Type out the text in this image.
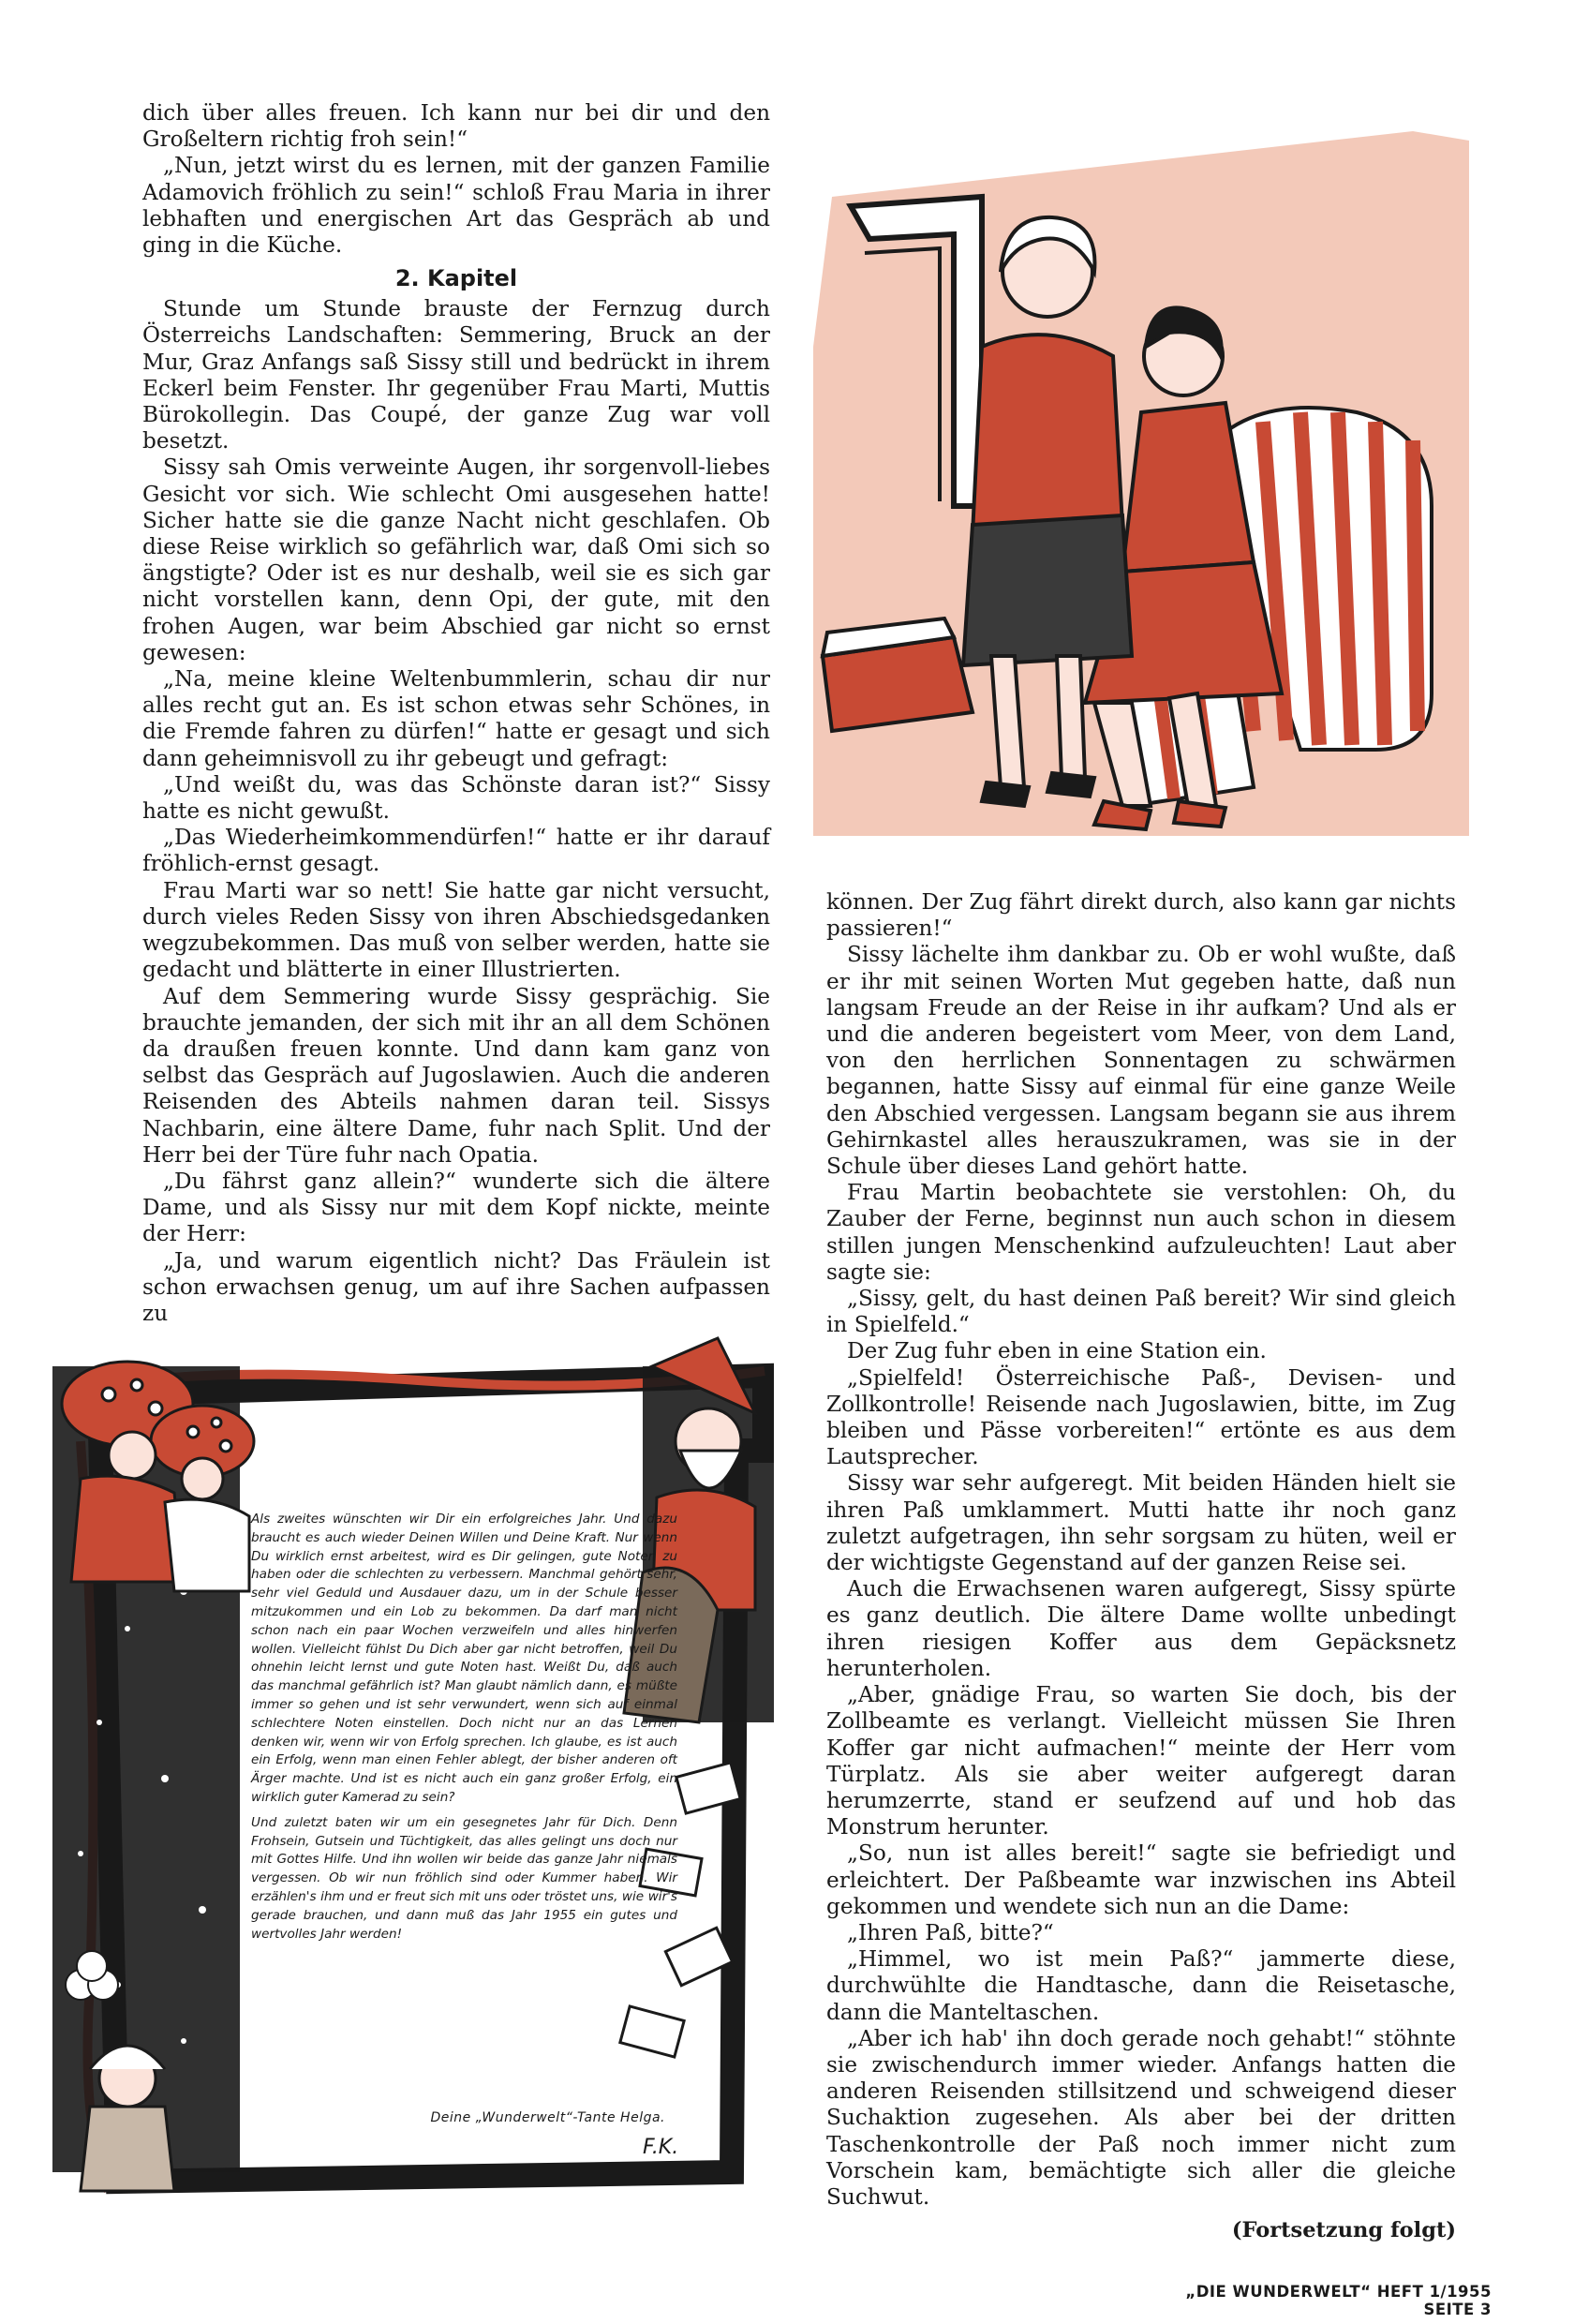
dich über alles freuen. Ich kann nur bei dir und den Großeltern richtig froh sein!“

„Nun, jetzt wirst du es lernen, mit der ganzen Familie Adamovich fröhlich zu sein!“ schloß Frau Maria in ihrer lebhaften und energischen Art das Gespräch ab und ging in die Küche.

2. Kapitel

Stunde um Stunde brauste der Fernzug durch Österreichs Landschaften: Semmering, Bruck an der Mur, Graz Anfangs saß Sissy still und bedrückt in ihrem Eckerl beim Fenster. Ihr gegenüber Frau Marti, Muttis Bürokollegin. Das Coupé, der ganze Zug war voll besetzt.

Sissy sah Omis verweinte Augen, ihr sorgenvoll-liebes Gesicht vor sich. Wie schlecht Omi ausgesehen hatte! Sicher hatte sie die ganze Nacht nicht geschlafen. Ob diese Reise wirklich so gefährlich war, daß Omi sich so ängstigte? Oder ist es nur deshalb, weil sie es sich gar nicht vorstellen kann, denn Opi, der gute, mit den frohen Augen, war beim Abschied gar nicht so ernst gewesen:

„Na, meine kleine Weltenbummlerin, schau dir nur alles recht gut an. Es ist schon etwas sehr Schönes, in die Fremde fahren zu dürfen!“ hatte er gesagt und sich dann geheimnisvoll zu ihr gebeugt und gefragt:

„Und weißt du, was das Schönste daran ist?“ Sissy hatte es nicht gewußt.

„Das Wiederheimkommendürfen!“ hatte er ihr darauf fröhlich-ernst gesagt.

Frau Marti war so nett! Sie hatte gar nicht versucht, durch vieles Reden Sissy von ihren Abschiedsgedanken wegzubekommen. Das muß von selber werden, hatte sie gedacht und blätterte in einer Illustrierten.

Auf dem Semmering wurde Sissy gesprächig. Sie brauchte jemanden, der sich mit ihr an all dem Schönen da draußen freuen konnte. Und dann kam ganz von selbst das Gespräch auf Jugoslawien. Auch die anderen Reisenden des Abteils nahmen daran teil. Sissys Nachbarin, eine ältere Dame, fuhr nach Split. Und der Herr bei der Türe fuhr nach Opatia.

„Du fährst ganz allein?“ wunderte sich die ältere Dame, und als Sissy nur mit dem Kopf nickte, meinte der Herr:

„Ja, und warum eigentlich nicht? Das Fräulein ist schon erwachsen genug, um auf ihre Sachen aufpassen zu

F.K.

Als zweites wünschten wir Dir ein erfolgreiches Jahr. Und dazu braucht es auch wieder Deinen Willen und Deine Kraft. Nur wenn Du wirklich ernst arbeitest, wird es Dir gelingen, gute Noten zu haben oder die schlechten zu verbessern. Manchmal gehört sehr, sehr viel Geduld und Ausdauer dazu, um in der Schule besser mitzukommen und ein Lob zu bekommen. Da darf man nicht schon nach ein paar Wochen verzweifeln und alles hinwerfen wollen. Vielleicht fühlst Du Dich aber gar nicht betroffen, weil Du ohnehin leicht lernst und gute Noten hast. Weißt Du, daß auch das manchmal gefährlich ist? Man glaubt nämlich dann, es müßte immer so gehen und ist sehr verwundert, wenn sich auf einmal schlechtere Noten einstellen. Doch nicht nur an das Lernen denken wir, wenn wir von Erfolg sprechen. Ich glaube, es ist auch ein Erfolg, wenn man einen Fehler ablegt, der bisher anderen oft Ärger machte. Und ist es nicht auch ein ganz großer Erfolg, ein wirklich guter Kamerad zu sein?

Und zuletzt baten wir um ein gesegnetes Jahr für Dich. Denn Frohsein, Gutsein und Tüchtigkeit, das alles gelingt uns doch nur mit Gottes Hilfe. Und ihn wollen wir beide das ganze Jahr niemals vergessen. Ob wir nun fröhlich sind oder Kummer haben. Wir erzählen's ihm und er freut sich mit uns oder tröstet uns, wie wir's gerade brauchen, und dann muß das Jahr 1955 ein gutes und wertvolles Jahr werden!

Deine „Wunderwelt“-Tante Helga.

können. Der Zug fährt direkt durch, also kann gar nichts passieren!“

Sissy lächelte ihm dankbar zu. Ob er wohl wußte, daß er ihr mit seinen Worten Mut gegeben hatte, daß nun langsam Freude an der Reise in ihr aufkam? Und als er und die anderen begeistert vom Meer, von dem Land, von den herrlichen Sonnentagen zu schwärmen begannen, hatte Sissy auf einmal für eine ganze Weile den Abschied vergessen. Langsam begann sie aus ihrem Gehirnkastel alles herauszukramen, was sie in der Schule über dieses Land gehört hatte.

Frau Martin beobachtete sie verstohlen: Oh, du Zauber der Ferne, beginnst nun auch schon in diesem stillen jungen Menschenkind aufzuleuchten! Laut aber sagte sie:

„Sissy, gelt, du hast deinen Paß bereit? Wir sind gleich in Spielfeld.“

Der Zug fuhr eben in eine Station ein.

„Spielfeld! Österreichische Paß-, Devisen- und Zollkontrolle! Reisende nach Jugoslawien, bitte, im Zug bleiben und Pässe vorbereiten!“ ertönte es aus dem Lautsprecher.

Sissy war sehr aufgeregt. Mit beiden Händen hielt sie ihren Paß umklammert. Mutti hatte ihr noch ganz zuletzt aufgetragen, ihn sehr sorgsam zu hüten, weil er der wichtigste Gegenstand auf der ganzen Reise sei.

Auch die Erwachsenen waren aufgeregt, Sissy spürte es ganz deutlich. Die ältere Dame wollte unbedingt ihren riesigen Koffer aus dem Gepäcksnetz herunterholen.

„Aber, gnädige Frau, so warten Sie doch, bis der Zollbeamte es verlangt. Vielleicht müssen Sie Ihren Koffer gar nicht aufmachen!“ meinte der Herr vom Türplatz. Als sie aber weiter aufgeregt daran herumzerrte, stand er seufzend auf und hob das Monstrum herunter.

„So, nun ist alles bereit!“ sagte sie befriedigt und erleichtert. Der Paßbeamte war inzwischen ins Abteil gekommen und wendete sich nun an die Dame:

„Ihren Paß, bitte?“

„Himmel, wo ist mein Paß?“ jammerte diese, durchwühlte die Handtasche, dann die Reisetasche, dann die Manteltaschen.

„Aber ich hab' ihn doch gerade noch gehabt!“ stöhnte sie zwischendurch immer wieder. Anfangs hatten die anderen Reisenden stillsitzend und schweigend dieser Suchaktion zugesehen. Als aber bei der dritten Taschenkontrolle der Paß noch immer nicht zum Vorschein kam, bemächtigte sich aller die gleiche Suchwut.

(Fortsetzung folgt)
„DIE WUNDERWELT“ HEFT 1/1955 SEITE 3
